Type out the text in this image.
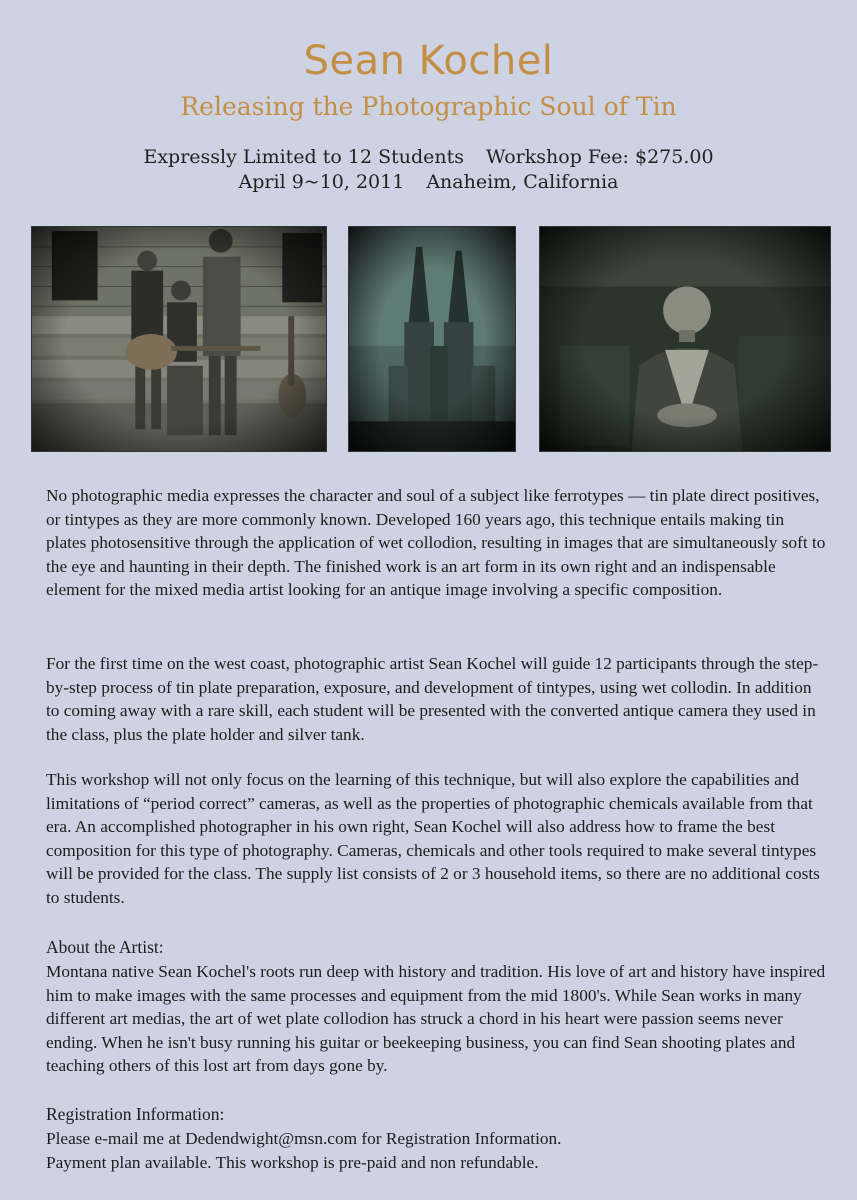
Sean Kochel
Releasing the Photographic Soul of Tin
Expressly Limited to 12 Students Workshop Fee: $275.00
April 9~10, 2011 Anaheim, California

No photographic media expresses the character and soul of a subject like ferrotypes — tin plate direct positives, or tintypes as they are more commonly known. Developed 160 years ago, this technique entails making tin plates photosensitive through the application of wet collodion, resulting in images that are simultaneously soft to the eye and haunting in their depth. The finished work is an art form in its own right and an indispensable element for the mixed media artist looking for an antique image involving a specific composition.

For the first time on the west coast, photographic artist Sean Kochel will guide 12 participants through the step-by-step process of tin plate preparation, exposure, and development of tintypes, using wet collodin. In addition to coming away with a rare skill, each student will be presented with the converted antique camera they used in the class, plus the plate holder and silver tank.

This workshop will not only focus on the learning of this technique, but will also explore the capabilities and limitations of “period correct” cameras, as well as the properties of photographic chemicals available from that era. An accomplished photographer in his own right, Sean Kochel will also address how to frame the best composition for this type of photography. Cameras, chemicals and other tools required to make several tintypes will be provided for the class. The supply list consists of 2 or 3 household items, so there are no additional costs to students.

About the Artist:

Montana native Sean Kochel's roots run deep with history and tradition. His love of art and history have inspired him to make images with the same processes and equipment from the mid 1800's. While Sean works in many different art medias, the art of wet plate collodion has struck a chord in his heart were passion seems never ending. When he isn't busy running his guitar or beekeeping business, you can find Sean shooting plates and teaching others of this lost art from days gone by.

Registration Information:

Please e-mail me at Dedendwight@msn.com for Registration Information.
Payment plan available. This workshop is pre-paid and non refundable.
